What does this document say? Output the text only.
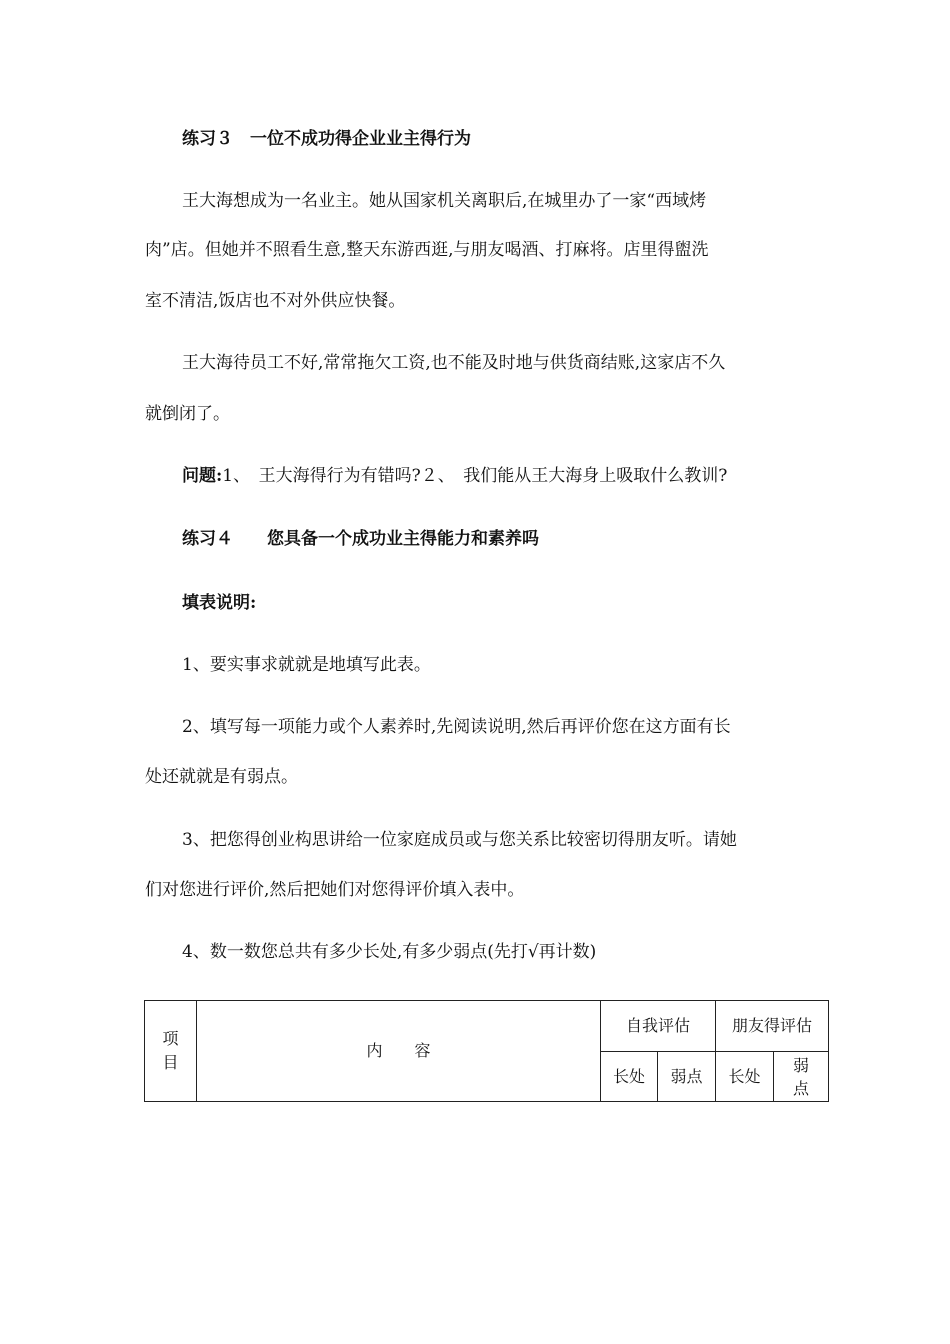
练习３　一位不成功得企业业主得行为
王大海想成为一名业主。她从国家机关离职后,在城里办了一家“西域烤
肉”店。但她并不照看生意,整天东游西逛,与朋友喝酒、打麻将。店里得盥洗
室不清洁,饭店也不对外供应快餐。
王大海待员工不好,常常拖欠工资,也不能及时地与供货商结账,这家店不久
就倒闭了。
问题:1、　王大海得行为有错吗?２、　我们能从王大海身上吸取什么教训?
练习４　　您具备一个成功业主得能力和素养吗
填表说明:
1、要实事求就就是地填写此表。
2、填写每一项能力或个人素养时,先阅读说明,然后再评价您在这方面有长
处还就就是有弱点。
3、把您得创业构思讲给一位家庭成员或与您关系比较密切得朋友听。请她
们对您进行评价,然后把她们对您得评价填入表中。
4、数一数您总共有多少长处,有多少弱点(先打√再计数)
项目	内　　容	自我评估		朋友得评估	

		长处	弱点	长处	弱点
